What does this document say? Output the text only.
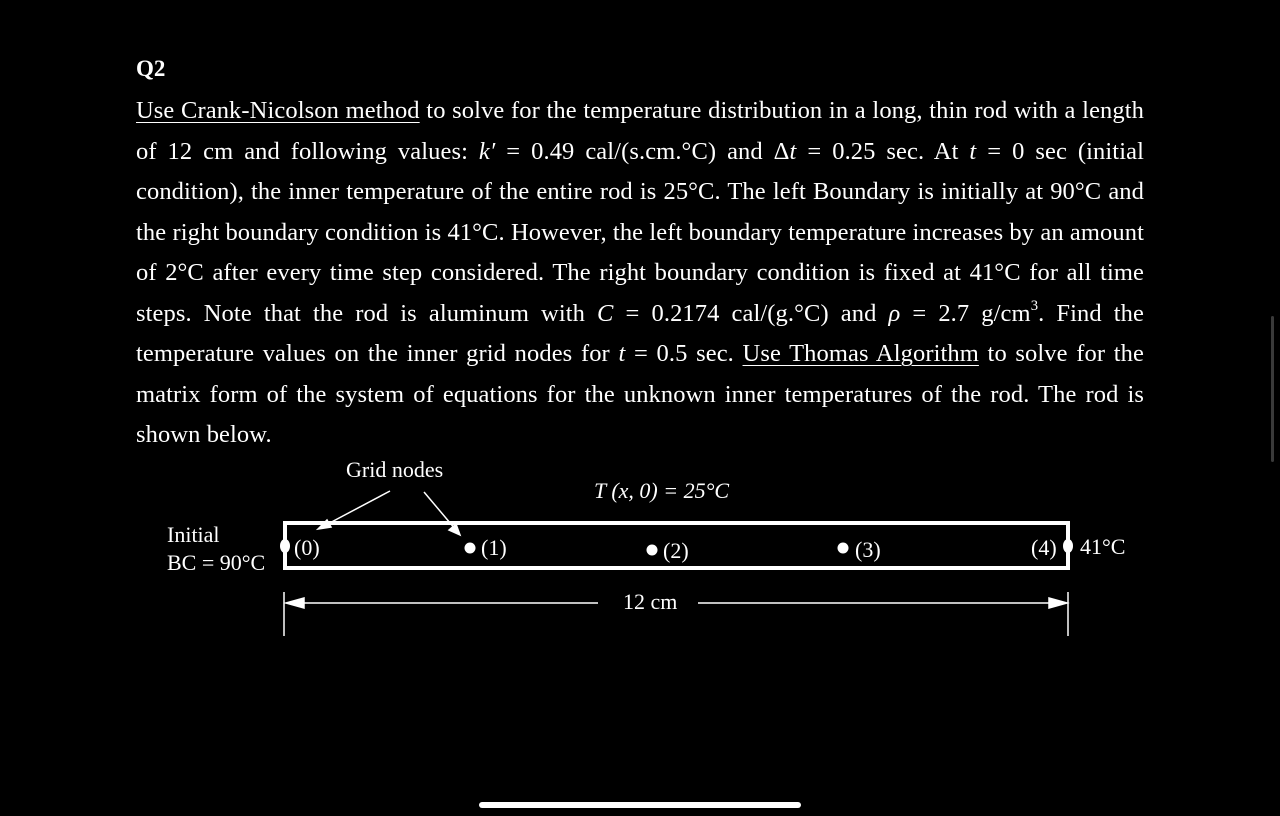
Q2
Use Crank-Nicolson method to solve for the temperature distribution in a long, thin rod with a length of 12 cm and following values: k′ = 0.49 cal/(s.cm.°C) and Δt = 0.25 sec. At t = 0 sec (initial condition), the inner temperature of the entire rod is 25°C. The left Boundary is initially at 90°C and the right boundary condition is 41°C. However, the left boundary temperature increases by an amount of 2°C after every time step considered. The right boundary condition is fixed at 41°C for all time steps. Note that the rod is aluminum with C = 0.2174 cal/(g.°C) and ρ = 2.7 $g/cm^3$. Find the temperature values on the inner grid nodes for t = 0.5 sec. Use Thomas Algorithm to solve for the matrix form of the system of equations for the unknown inner temperatures of the rod. The rod is shown below.
Grid nodes
T (x, 0) = 25°C
Initial
BC = 90°C
(0)	(1)	(2)	(3)	(4) 41°C
12 cm
